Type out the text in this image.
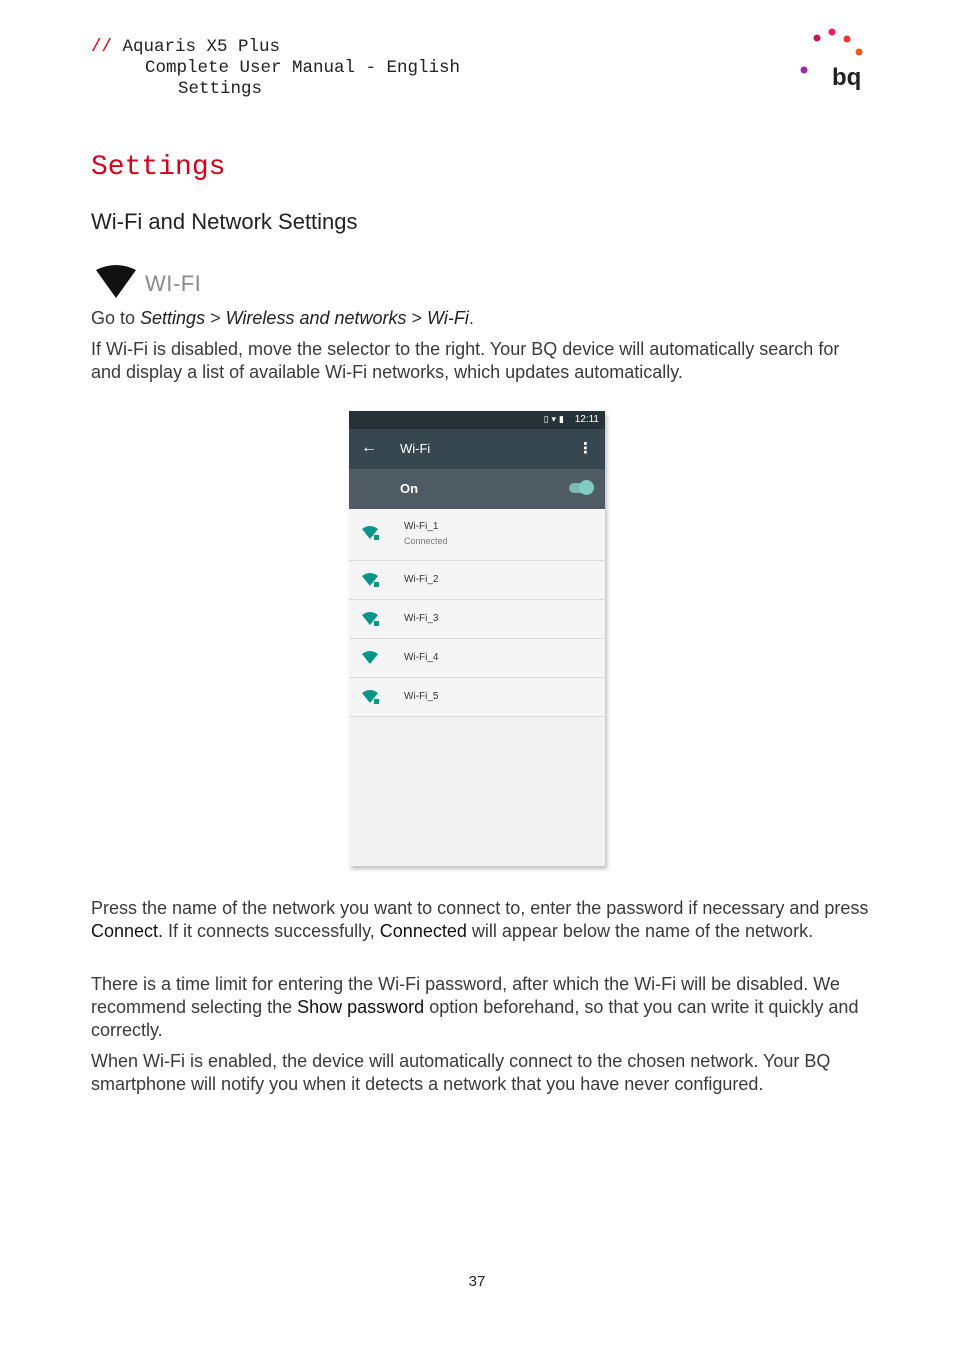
// Aquaris X5 Plus
Complete User Manual - English
Settings	bq
Settings
Wi-Fi and Network Settings
WI-FI
Go to Settings > Wireless and networks > Wi-Fi.
If Wi-Fi is disabled, move the selector to the right. Your BQ device will automatically search for and display a list of available Wi-Fi networks, which updates automatically.
▯▾▮ 12:11
← Wi-Fi	⋮
On
Wi-Fi_1
Connected
Wi-Fi_2
Wi-Fi_3
Wi-Fi_4
Wi-Fi_5
Press the name of the network you want to connect to, enter the password if necessary and press Connect. If it connects successfully, Connected will appear below the name of the network.
There is a time limit for entering the Wi-Fi password, after which the Wi-Fi will be disabled. We recommend selecting the Show password option beforehand, so that you can write it quickly and correctly.
When Wi-Fi is enabled, the device will automatically connect to the chosen network. Your BQ smartphone will notify you when it detects a network that you have never configured.
37
